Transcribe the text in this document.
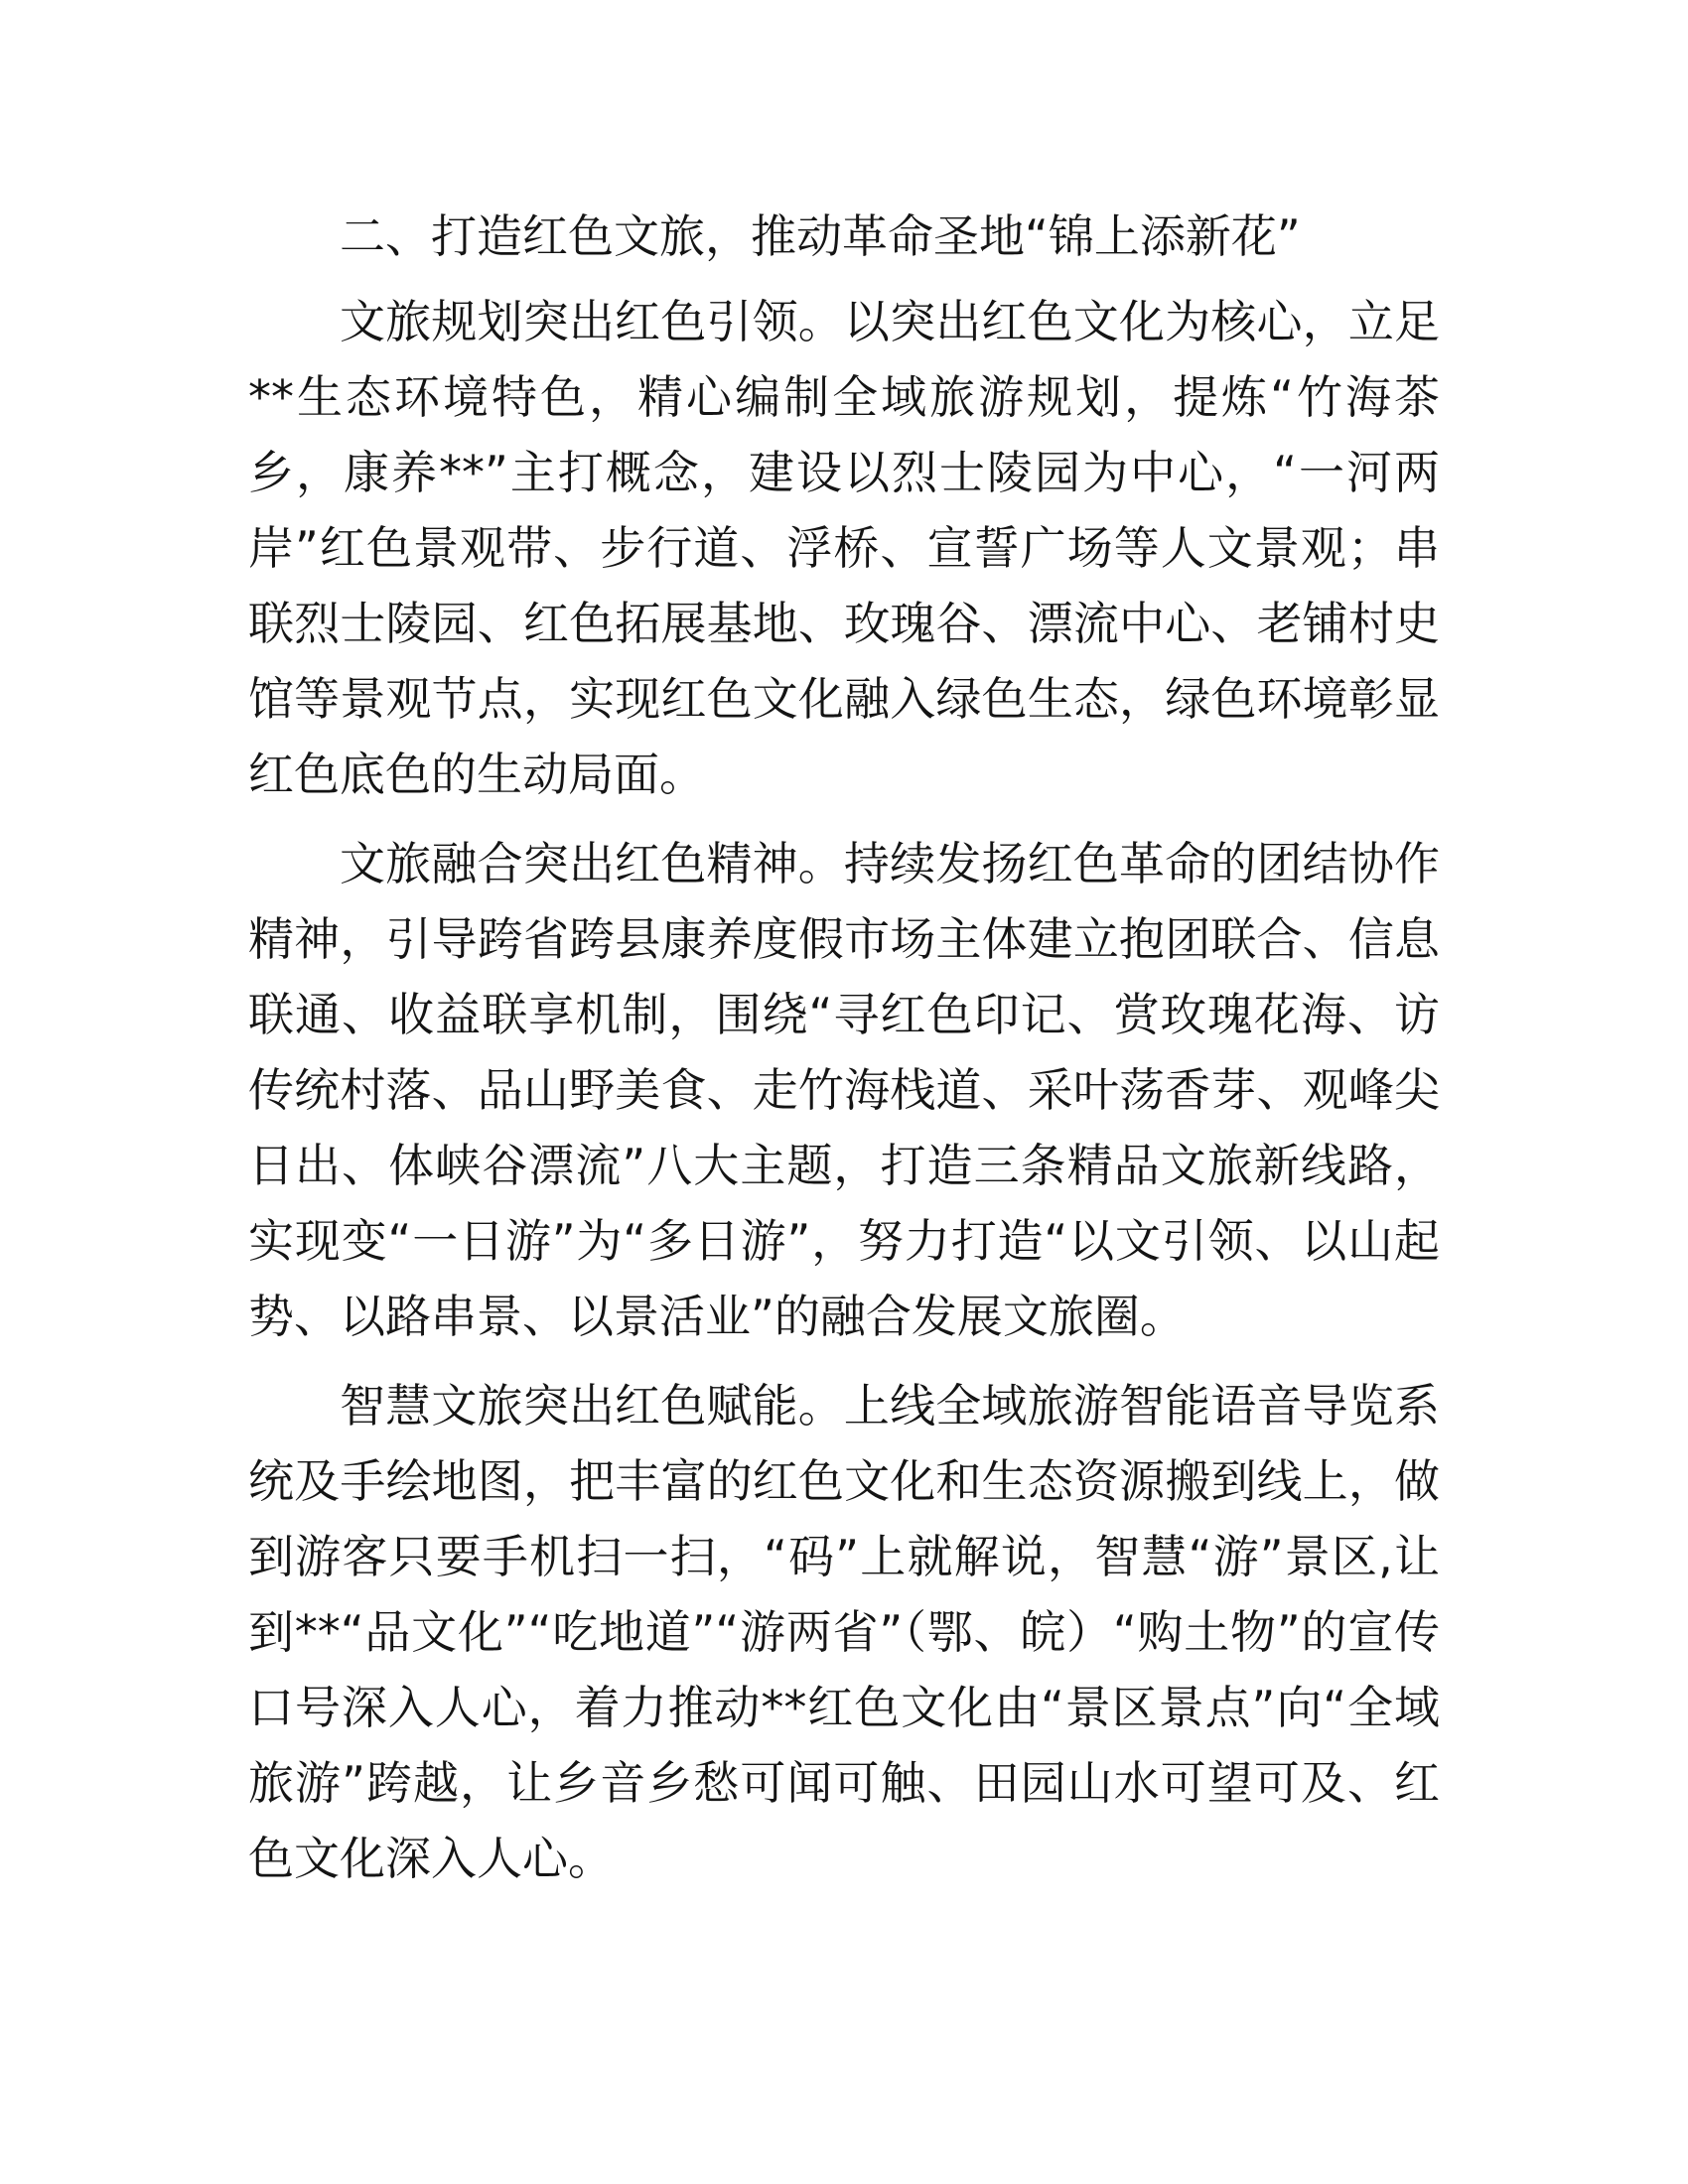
二、打造红色文旅，推动革命圣地“锦上添新花”

文旅规划突出红色引领。以突出红色文化为核心，立足**生态环境特色，精心编制全域旅游规划，提炼“竹海茶乡，康养**”主打概念，建设以烈士陵园为中心，“一河两岸”红色景观带、步行道、浮桥、宣誓广场等人文景观；串联烈士陵园、红色拓展基地、玫瑰谷、漂流中心、老铺村史馆等景观节点，实现红色文化融入绿色生态，绿色环境彰显红色底色的生动局面。

文旅融合突出红色精神。持续发扬红色革命的团结协作精神，引导跨省跨县康养度假市场主体建立抱团联合、信息联通、收益联享机制，围绕“寻红色印记、赏玫瑰花海、访传统村落、品山野美食、走竹海栈道、采叶荡香芽、观峰尖日出、体峡谷漂流”八大主题，打造三条精品文旅新线路，实现变“一日游”为“多日游”，努力打造“以文引领、以山起势、以路串景、以景活业”的融合发展文旅圈。

智慧文旅突出红色赋能。上线全域旅游智能语音导览系统及手绘地图，把丰富的红色文化和生态资源搬到线上，做到游客只要手机扫一扫，“码”上就解说，智慧“游”景区,让到**“品文化”“吃地道”“游两省”（鄂、皖）“购土物”的宣传口号深入人心，着力推动**红色文化由“景区景点”向“全域旅游”跨越，让乡音乡愁可闻可触、田园山水可望可及、红色文化深入人心。
